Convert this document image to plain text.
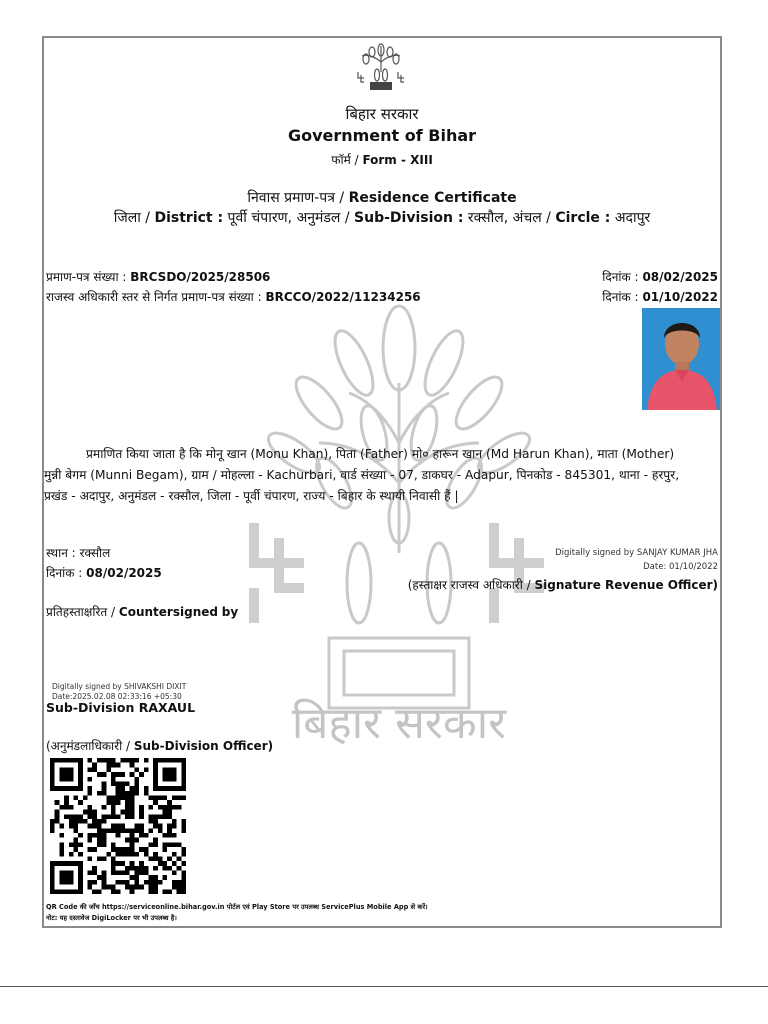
बिहार सरकार
बिहार सरकार
Government of Bihar
फॉर्म / Form - XIII
निवास प्रमाण-पत्र / Residence Certificate
जिला / District : पूर्वी चंपारण, अनुमंडल / Sub-Division : रक्सौल, अंचल / Circle : अदापुर
प्रमाण-पत्र संख्या : BRCSDO/2025/28506
राजस्व अधिकारी स्तर से निर्गत प्रमाण-पत्र संख्या : BRCCO/2022/11234256
दिनांक : 08/02/2025
दिनांक : 01/10/2022

प्रमाणित किया जाता है कि मोनू खान (Monu Khan), पिता (Father) मो० हारून खान (Md Harun Khan), माता (Mother)

मुन्नी बेगम (Munni Begam), ग्राम / मोहल्ला - Kachurbari, वार्ड संख्या - 07, डाकघर - Adapur, पिनकोड - 845301, थाना - हरपुर,

प्रखंड - अदापुर, अनुमंडल - रक्सौल, जिला - पूर्वी चंपारण, राज्य - बिहार के स्थायी निवासी हैं |

स्थान : रक्सौल
दिनांक : 08/02/2025
Digitally signed by SANJAY KUMAR JHA
Date: 01/10/2022
(हस्ताक्षर राजस्व अधिकारी / Signature Revenue Officer)
प्रतिहस्ताक्षरित / Countersigned by
Digitally signed by SHIVAKSHI DIXIT
Date:2025.02.08 02:33:16 +05:30
Sub-Division RAXAUL
(अनुमंडलाधिकारी / Sub-Division Officer)
QR Code की जाँच https://serviceonline.bihar.gov.in पोर्टल एवं Play Store पर उपलब्ध ServicePlus Mobile App से करें।
नोट: यह दस्तावेज DigiLocker पर भी उपलब्ध है।
